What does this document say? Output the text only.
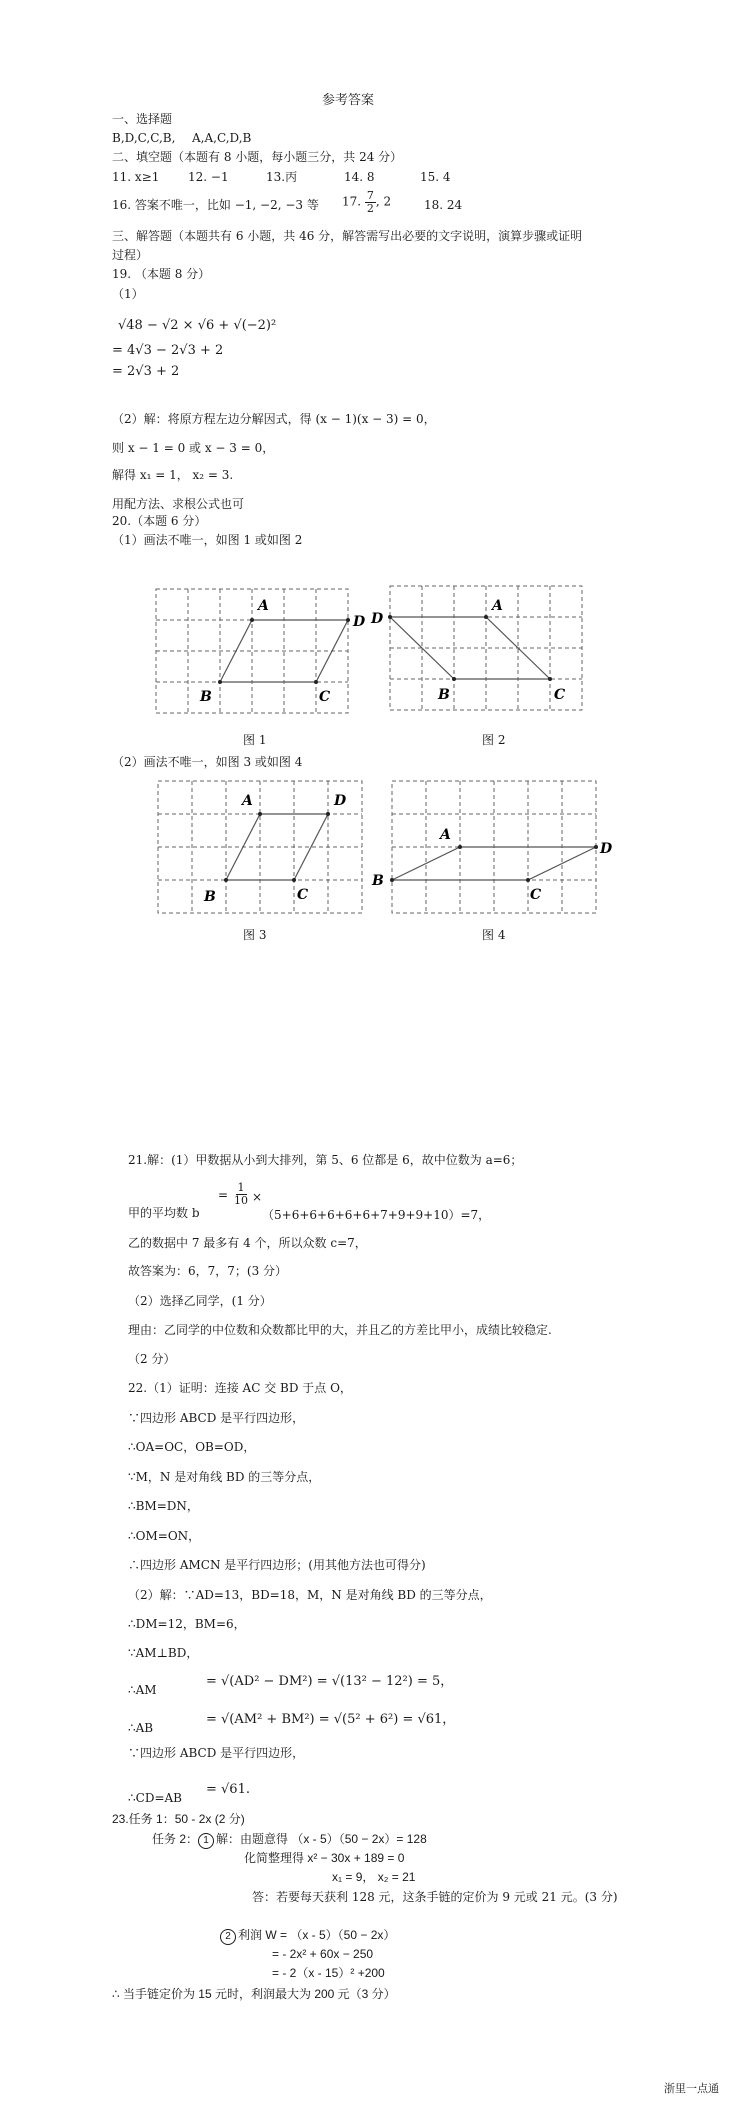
参考答案
一、选择题
B,D,C,C,B, A,A,C,D,B
二、填空题（本题有 8 小题，每小题三分，共 24 分）
11. x≥1 12. −1	13.丙	14. 8	15. 4
16. 答案不唯一，比如 −1, −2, −3 等 17. $\frac{7}{2}$ , 2	18. 24
三、解答题（本题共有 6 小题，共 46 分，解答需写出必要的文字说明，演算步骤或证明
过程）
19. （本题 8 分）
（1）
√48 − √2 × √6 + √(−2)²
= 4√3 − 2√3 + 2
= 2√3 + 2
（2）解：将原方程左边分解因式，得 (x − 1)(x − 3) = 0，
则 x − 1 = 0 或 x − 3 = 0，
解得 x₁ = 1， x₂ = 3.
用配方法、求根公式也可
20.（本题 6 分）
（1）画法不唯一，如图 1 或如图 2
A
D
C
B
D
A
C
B
图 1	图 2
（2）画法不唯一，如图 3 或如图 4
A	D
C
B
B
A
D
C
图 3	图 4
21.解：(1）甲数据从小到大排列，第 5、6 位都是 6，故中位数为 a=6；
甲的平均数 b
= $\frac{1}{10}$ ×
（5+6+6+6+6+6+7+9+9+10）=7，
乙的数据中 7 最多有 4 个，所以众数 c=7，
故答案为：6，7，7；(3 分）
（2）选择乙同学，(1 分）
理由：乙同学的中位数和众数都比甲的大，并且乙的方差比甲小，成绩比较稳定.
（2 分）
22.（1）证明：连接 AC 交 BD 于点 O，
∵四边形 ABCD 是平行四边形，
∴OA=OC，OB=OD，
∵M，N 是对角线 BD 的三等分点，
∴BM=DN，
∴OM=ON，
∴四边形 AMCN 是平行四边形；(用其他方法也可得分)
（2）解：∵AD=13，BD=18，M，N 是对角线 BD 的三等分点，
∴DM=12，BM=6，
∵AM⊥BD，
∴AM
= √(AD² − DM²) = √(13² − 12²) = 5，
∴AB
= √(AM² + BM²) = √(5² + 6²) = √61，
∵四边形 ABCD 是平行四边形，
∴CD=AB
= √61.
23.任务 1：50 - 2x (2 分)
任务 2： 1 解：由题意得 （x - 5）（50 − 2x）= 128
化简整理得 x² − 30x + 189 = 0
x₁ = 9， x₂ = 21
答：若要每天获利 128 元，这条手链的定价为 9 元或 21 元。(3 分)
2 利润 W = （x - 5）（50 − 2x）
= - 2x² + 60x − 250
= - 2（x - 15）² +200
∴ 当手链定价为 15 元时，利润最大为 200 元（3 分）
浙里一点通
